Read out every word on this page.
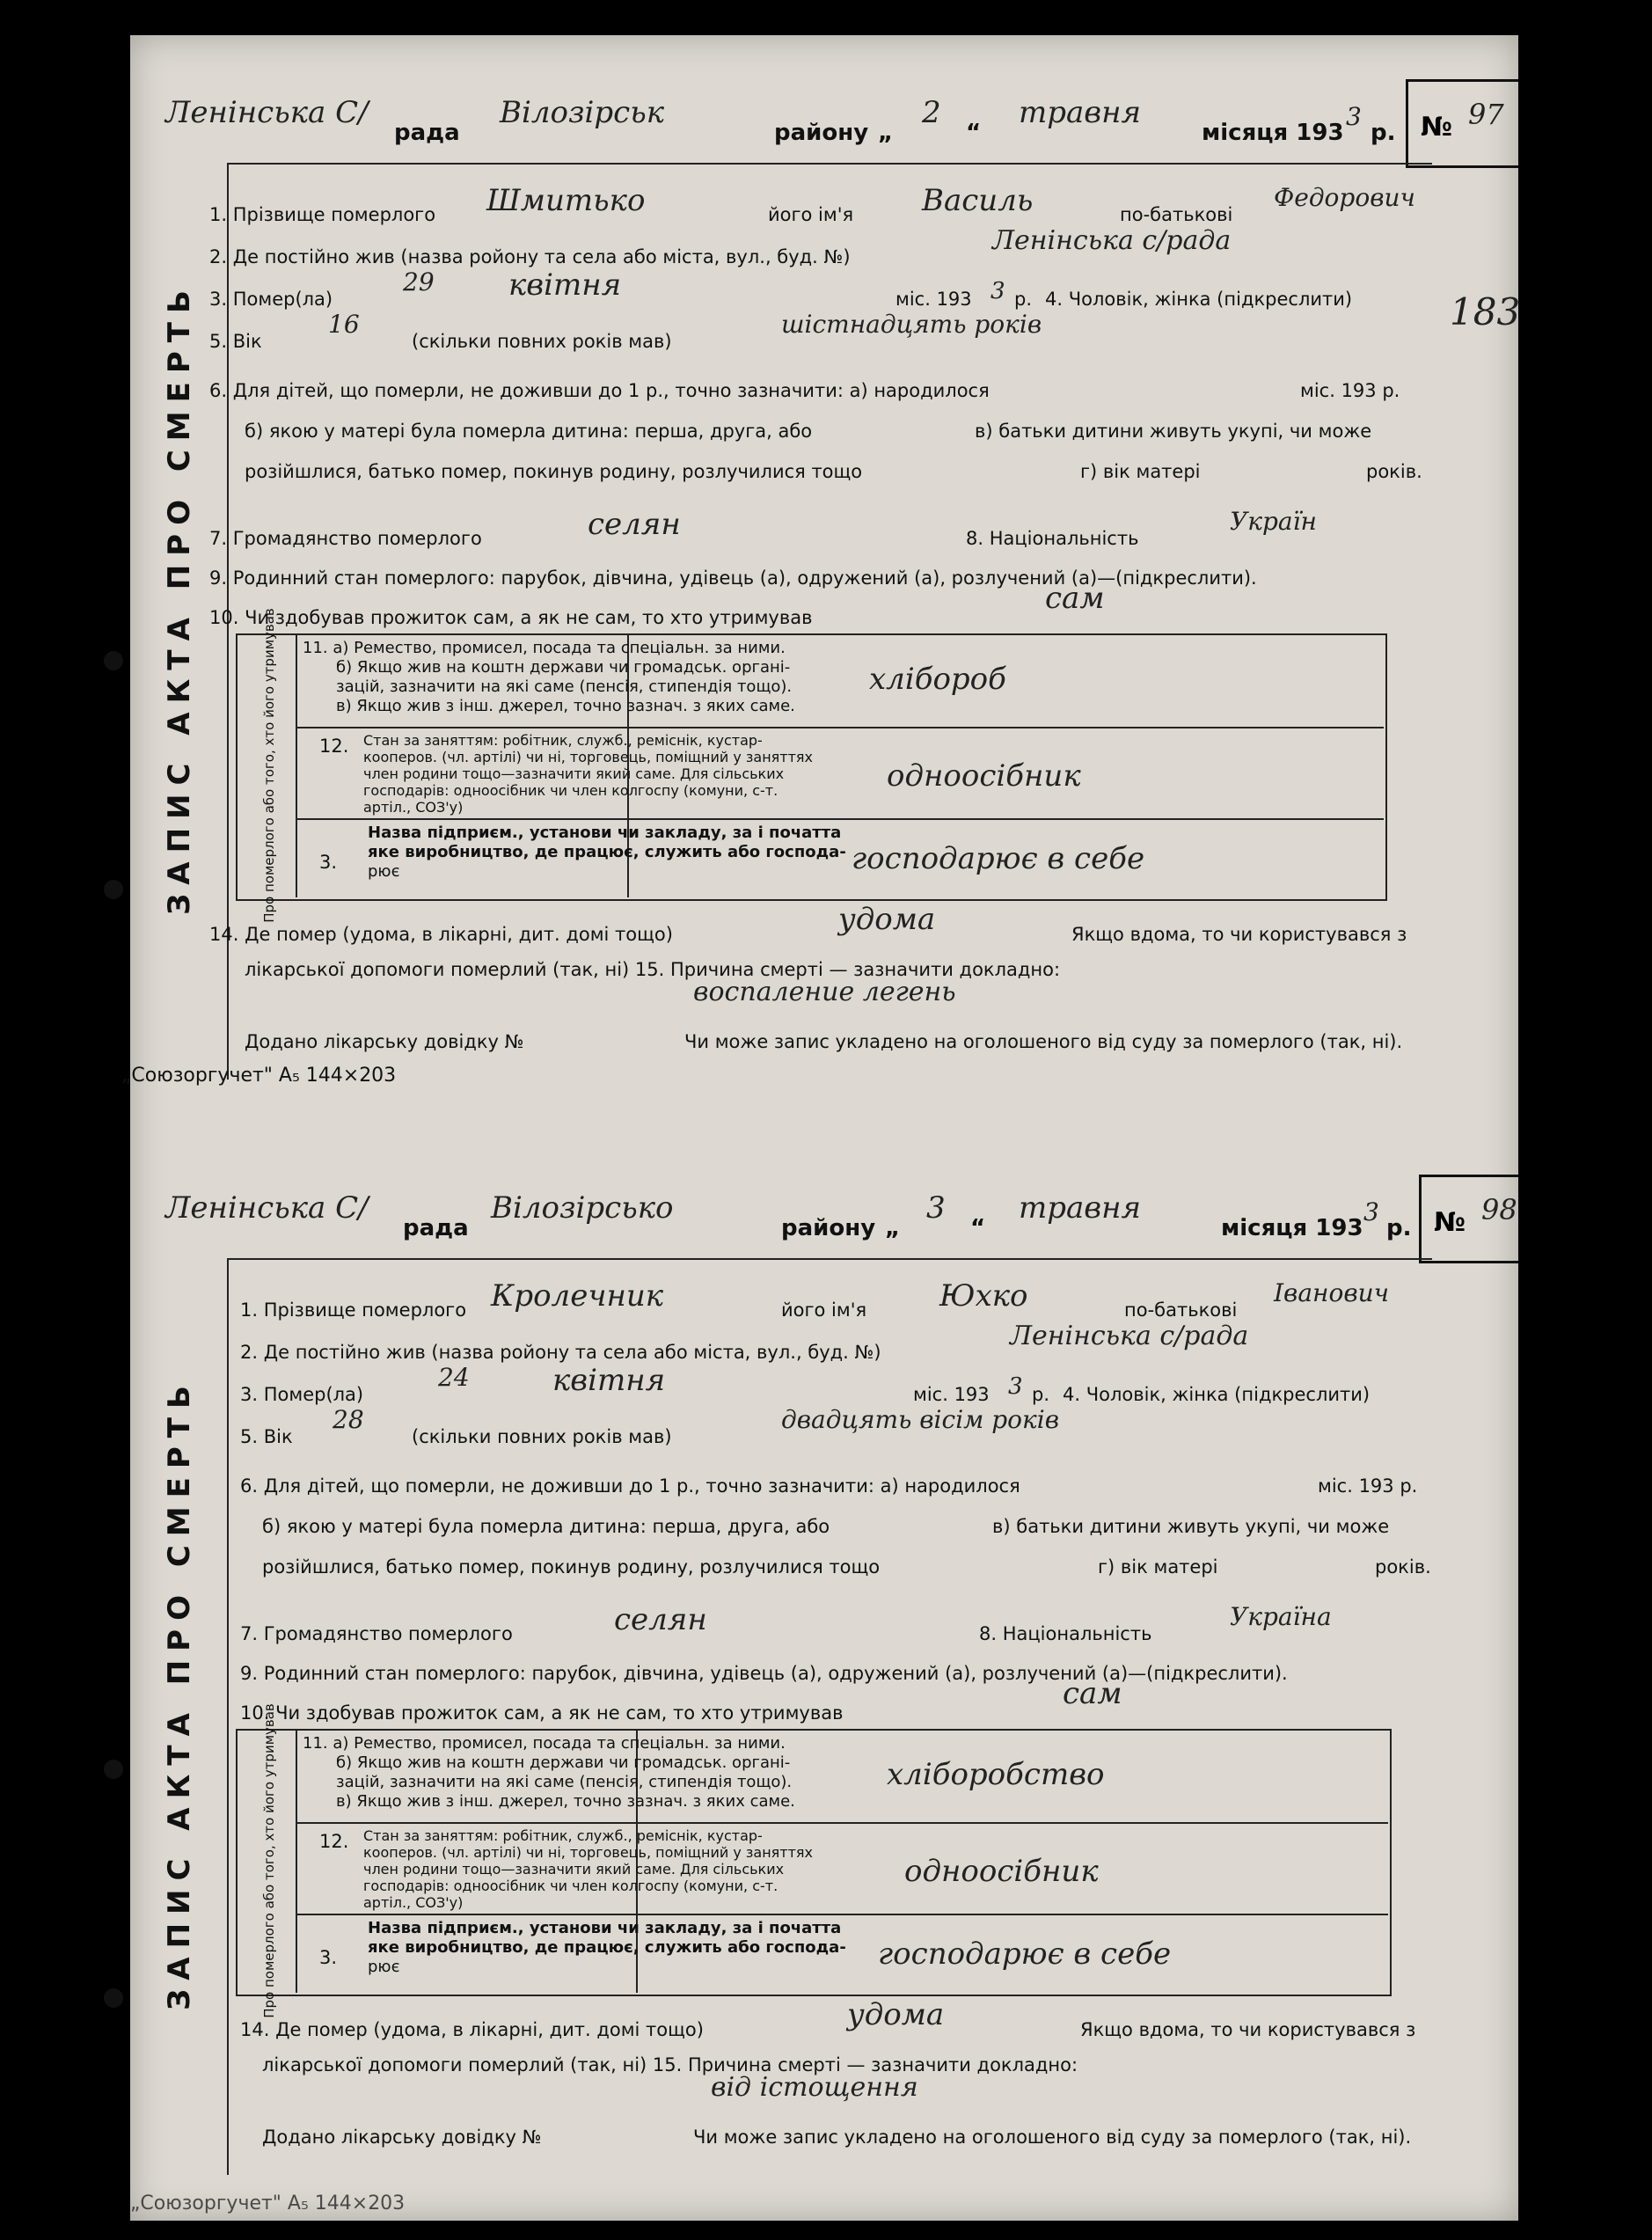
Ленінська С/
рада
Вілозірськ
району „
2
“
травня
місяця 193
3
р. № 97
ЗАПИС АКТА ПРО СМЕРТЬ
1. Прізвище померлого Шмитько	його ім'я Василь	по-батькові
Федорович
2. Де постійно жив (назва ройону та села або міста, вул., буд. №)
Ленінська с/рада
3. Помер(ла)
29 квітня	міс. 193 3 р. 4. Чоловік, жінка (підкреслити)
5. Вік
16
(скільки повних років мав)
шістнадцять років	183
6. Для дітей, що померли, не доживши до 1 р., точно зазначити: а) народилося	міс. 193 р.
б) якою у матері була померла дитина: перша, друга, або	в) батьки дитини живуть укупі, чи може
розійшлися, батько помер, покинув родину, розлучилися тощо	г) вік матері	років.
7. Громадянство померлого	селян	8. Національність
Україн
9. Родинний стан померлого: парубок, дівчина, удівець (а), одружений (а), розлучений (а)—(підкреслити).
10. Чи здобував прожиток сам, а як не сам, то хто утримував
сам
Про померлого або того, хто його утримував 11. а) Ремество, промисел, посада та спеціальн. за ними.
б) Якщо жив на коштн держави чи громадськ. органі-
зацій, зазначити на які саме (пенсія, стипендія тощо).
в) Якщо жив з інш. джерел, точно зазнач. з яких саме.
хлібороб
12.	Стан за заняттям: робітник, служб., реміснік, кустар-
кооперов. (чл. артілі) чи ні, торговець, поміщний у заняттях
член родини тощо—зазначити який саме. Для сільських
господарів: одноосібник чи член колгоспу (комуни, с-т.
артіл., СОЗ'у)
одноосібник
3.
Назва підприєм., установи чи закладу, за і початта
яке виробництво, де працює, служить або господа-
рює	господарює в себе
14. Де помер (удома, в лікарні, дит. домі тощо)	удома	Якщо вдома, то чи користувався з
лікарської допомоги померлий (так, ні) 15. Причина смерті — зазначити докладно:
воспаление легень
Додано лікарську довідку №	Чи може запис укладено на оголошеного від суду за померлого (так, ні).
„Союзоргучет" А₅ 144×203
Ленінська С/
рада
Вілозірсько
району „
3
“
травня
місяця 193
3
р. № 98
ЗАПИС АКТА ПРО СМЕРТЬ
1. Прізвище померлого Кролечник	його ім'я Юхко	по-батькові
Іванович
2. Де постійно жив (назва ройону та села або міста, вул., буд. №)
Ленінська с/рада
3. Помер(ла)
24	квітня	міс. 193 3 р. 4. Чоловік, жінка (підкреслити)
5. Вік
28
(скільки повних років мав)
двадцять вісім років
6. Для дітей, що померли, не доживши до 1 р., точно зазначити: а) народилося	міс. 193 р.
б) якою у матері була померла дитина: перша, друга, або	в) батьки дитини живуть укупі, чи може
розійшлися, батько помер, покинув родину, розлучилися тощо	г) вік матері	років.
7. Громадянство померлого	селян	8. Національність
Україна
9. Родинний стан померлого: парубок, дівчина, удівець (а), одружений (а), розлучений (а)—(підкреслити).
10. Чи здобував прожиток сам, а як не сам, то хто утримував
сам
Про померлого або того, хто його утримував 11. а) Ремество, промисел, посада та спеціальн. за ними.
б) Якщо жив на коштн держави чи громадськ. органі-
зацій, зазначити на які саме (пенсія, стипендія тощо).
в) Якщо жив з інш. джерел, точно зазнач. з яких саме.
хліборобство
12.	Стан за заняттям: робітник, служб., реміснік, кустар-
кооперов. (чл. артілі) чи ні, торговець, поміщний у заняттях
член родини тощо—зазначити який саме. Для сільських
господарів: одноосібник чи член колгоспу (комуни, с-т.
артіл., СОЗ'у)
одноосібник
3.
Назва підприєм., установи чи закладу, за і початта
яке виробництво, де працює, служить або господа-
рює	господарює в себе
14. Де помер (удома, в лікарні, дит. домі тощо)	удома	Якщо вдома, то чи користувався з
лікарської допомоги померлий (так, ні) 15. Причина смерті — зазначити докладно:
від істощення
Додано лікарську довідку №	Чи може запис укладено на оголошеного від суду за померлого (так, ні).
„Союзоргучет" А₅ 144×203
